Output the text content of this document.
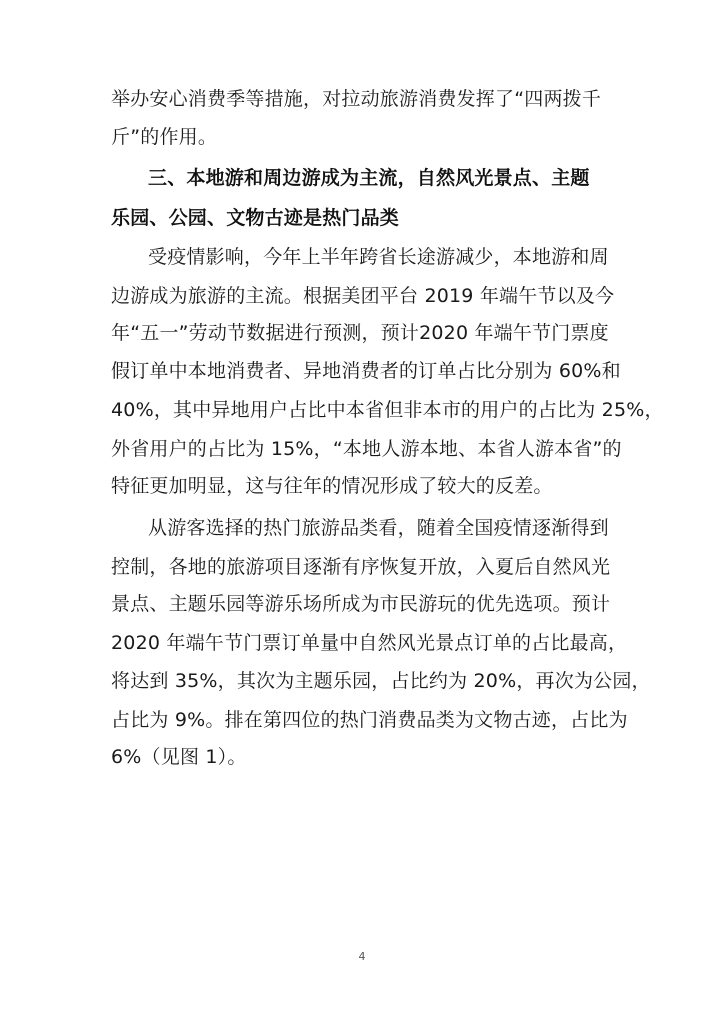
举办安心消费季等措施，对拉动旅游消费发挥了“四两拨千
斤”的作用。
三、本地游和周边游成为主流，自然风光景点、主题
乐园、公园、文物古迹是热门品类
受疫情影响，今年上半年跨省长途游减少，本地游和周
边游成为旅游的主流。根据美团平台 2019 年端午节以及今
年“五一”劳动节数据进行预测，预计2020 年端午节门票度
假订单中本地消费者、异地消费者的订单占比分别为 60%和
40%，其中异地用户占比中本省但非本市的用户的占比为 25%，
外省用户的占比为 15%，“本地人游本地、本省人游本省”的
特征更加明显，这与往年的情况形成了较大的反差。
从游客选择的热门旅游品类看，随着全国疫情逐渐得到
控制，各地的旅游项目逐渐有序恢复开放，入夏后自然风光
景点、主题乐园等游乐场所成为市民游玩的优先选项。预计
2020 年端午节门票订单量中自然风光景点订单的占比最高，
将达到 35%，其次为主题乐园，占比约为 20%，再次为公园，
占比为 9%。排在第四位的热门消费品类为文物古迹，占比为
6%（见图 1）。
4
